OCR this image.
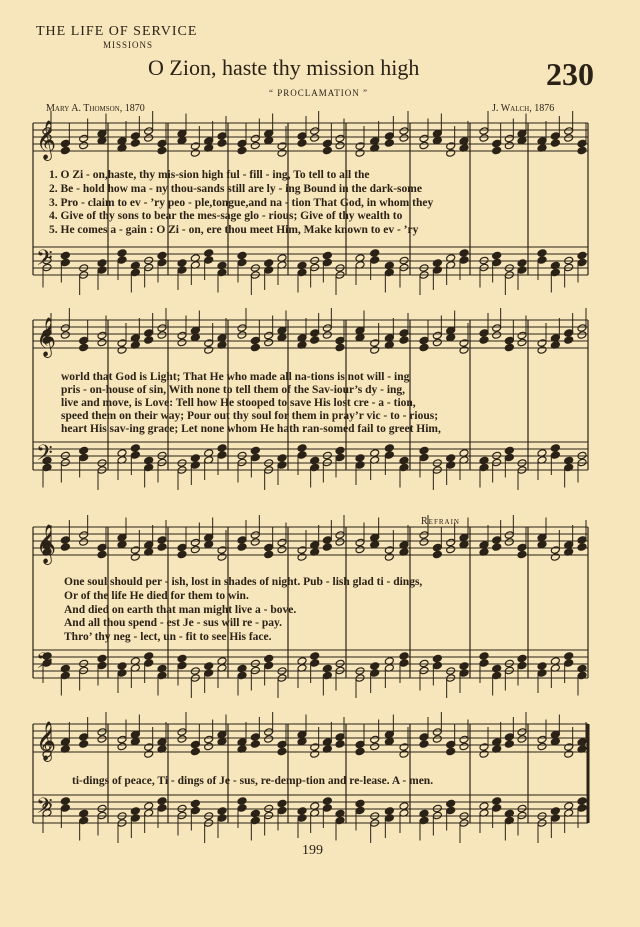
THE LIFE OF SERVICE
MISSIONS
O Zion, haste thy mission high	230
“ PROCLAMATION ”
Mary A. Thomson, 1870	J. Walch, 1876
𝄞
𝄢
𝄞
𝄢
𝄞
𝄢
𝄞
𝄢
1. O Zi - on,haste, thy mis-sion high ful - fill - ing, To tell to all the
2. Be - hold how ma - ny thou-sands still are ly - ing Bound in the dark-some
3. Pro - claim to ev - ’ry peo - ple,tongue,and na - tion That God, in whom they
4. Give of thy sons to bear the mes-sage glo - rious; Give of thy wealth to
5. He comes a - gain : O Zi - on, ere thou meet Him, Make known to ev - ’ry
world that God is Light; That He who made all na-tions is not will - ing
pris - on-house of sin, With none to tell them of the Sav-iour’s dy - ing,
live and move, is Love: Tell how He stooped to save His lost cre - a - tion,
speed them on their way; Pour out thy soul for them in pray’r vic - to - rious;
heart His sav-ing grace; Let none whom He hath ran-somed fail to greet Him,
Refrain
One soul should per - ish, lost in shades of night. Pub - lish glad ti - dings,
Or of the life He died for them to win.
And died on earth that man might live a - bove.
And all thou spend - est Je - sus will re - pay.
Thro’ thy neg - lect, un - fit to see His face.
ti-dings of peace, Ti - dings of Je - sus, re-demp-tion and re-lease. A - men.
199
